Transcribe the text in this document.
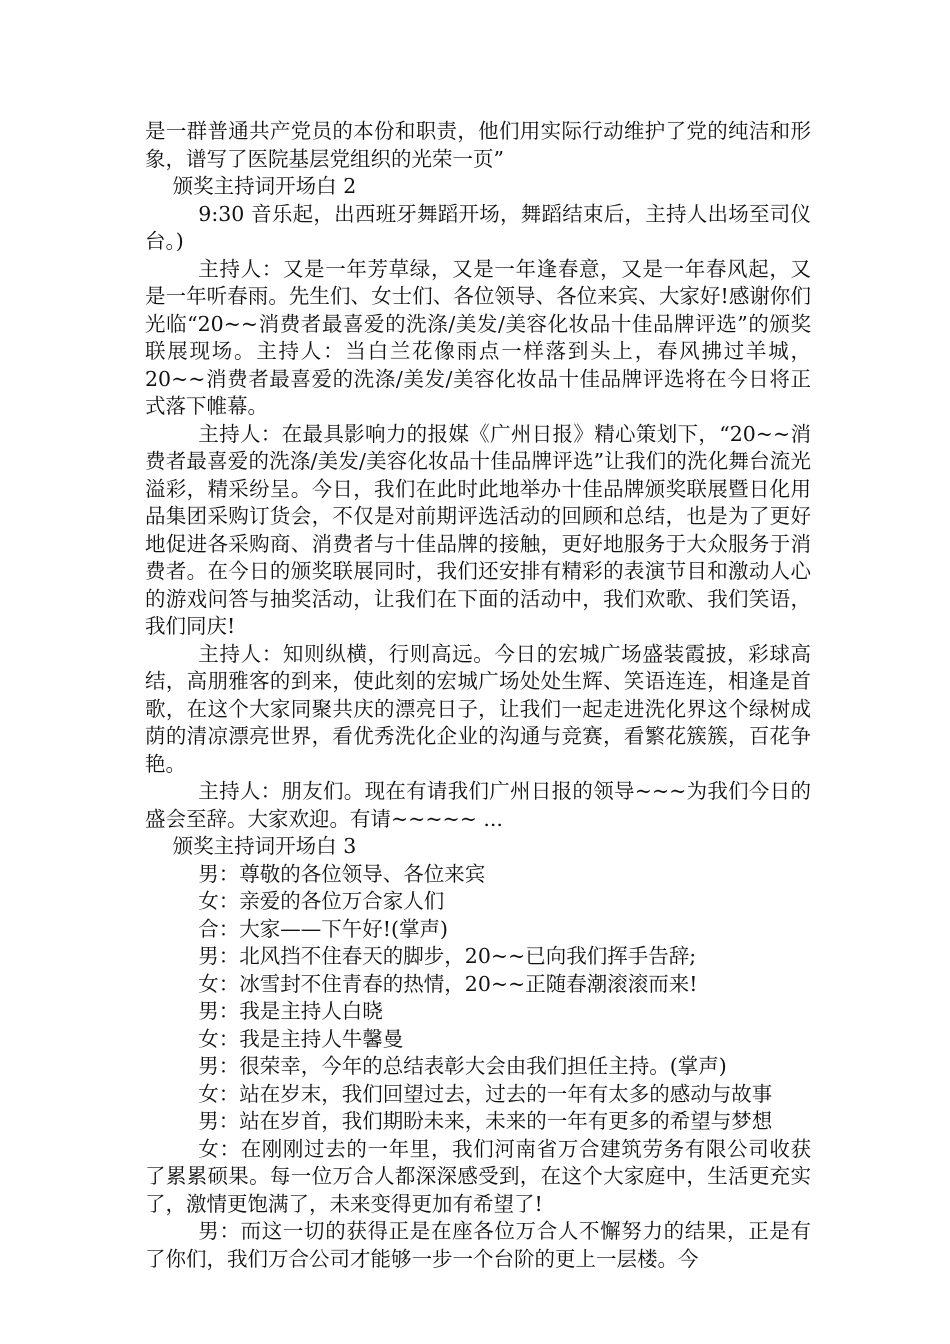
是一群普通共产党员的本份和职责，他们用实际行动维护了党的纯洁和形象，谱写了医院基层党组织的光荣一页”

颁奖主持词开场白 2

9:30 音乐起，出西班牙舞蹈开场，舞蹈结束后，主持人出场至司仪台。)

主持人：又是一年芳草绿，又是一年逢春意，又是一年春风起，又是一年听春雨。先生们、女士们、各位领导、各位来宾、大家好!感谢你们光临“20~~消费者最喜爱的洗涤/美发/美容化妆品十佳品牌评选”的颁奖联展现场。主持人：当白兰花像雨点一样落到头上，春风拂过羊城，20~~消费者最喜爱的洗涤/美发/美容化妆品十佳品牌评选将在今日将正式落下帷幕。

主持人：在最具影响力的报媒《广州日报》精心策划下，“20~~消费者最喜爱的洗涤/美发/美容化妆品十佳品牌评选”让我们的洗化舞台流光溢彩，精采纷呈。今日，我们在此时此地举办十佳品牌颁奖联展暨日化用品集团采购订货会，不仅是对前期评选活动的回顾和总结，也是为了更好地促进各采购商、消费者与十佳品牌的接触，更好地服务于大众服务于消费者。在今日的颁奖联展同时，我们还安排有精彩的表演节目和激动人心的游戏问答与抽奖活动，让我们在下面的活动中，我们欢歌、我们笑语，我们同庆!

主持人：知则纵横，行则高远。今日的宏城广场盛装霞披，彩球高结，高朋雅客的到来，使此刻的宏城广场处处生辉、笑语连连，相逢是首歌，在这个大家同聚共庆的漂亮日子，让我们一起走进洗化界这个绿树成荫的清凉漂亮世界，看优秀洗化企业的沟通与竞赛，看繁花簇簇，百花争艳。

主持人：朋友们。现在有请我们广州日报的领导~~~为我们今日的盛会至辞。大家欢迎。有请~~~~~ ...

颁奖主持词开场白 3

男：尊敬的各位领导、各位来宾

女：亲爱的各位万合家人们

合：大家——下午好!(掌声)

男：北风挡不住春天的脚步，20~~已向我们挥手告辞;

女：冰雪封不住青春的热情，20~~正随春潮滚滚而来!

男：我是主持人白晓

女：我是主持人牛馨曼

男：很荣幸，今年的总结表彰大会由我们担任主持。(掌声)

女：站在岁末，我们回望过去，过去的一年有太多的感动与故事

男：站在岁首，我们期盼未来，未来的一年有更多的希望与梦想

女：在刚刚过去的一年里，我们河南省万合建筑劳务有限公司收获了累累硕果。每一位万合人都深深感受到，在这个大家庭中，生活更充实了，激情更饱满了，未来变得更加有希望了!

男：而这一切的获得正是在座各位万合人不懈努力的结果，正是有了你们，我们万合公司才能够一步一个台阶的更上一层楼。今
